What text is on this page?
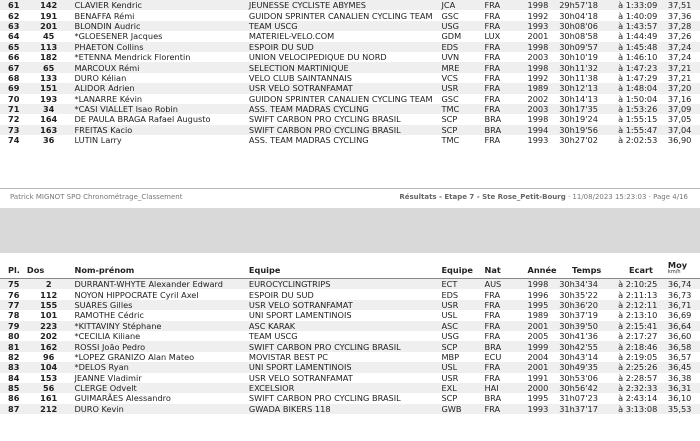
61	142	CLAVIER Kendric	JEUNESSE CYCLISTE ABYMES	JCA	FRA	1998	29h57'18	à 1:33:09	37,51
62	191	BENAFFA Rémi	GUIDON SPRINTER CANALIEN CYCLING TEAM	GSC	FRA	1992	30h04'18	à 1:40:09	37,36
63	201	BLONDIN Audric	TEAM USCG	USG	FRA	1993	30h08'06	à 1:43:57	37,28
64	45	*GLOESENER Jacques	MATERIEL-VELO.COM	GDM	LUX	2001	30h08'58	à 1:44:49	37,26
65	113	PHAETON Collins	ESPOIR DU SUD	EDS	FRA	1998	30h09'57	à 1:45:48	37,24
66	182	*ETENNA Mendrick Florentin	UNION VELOCIPEDIQUE DU NORD	UVN	FRA	2003	30h10'19	à 1:46:10	37,24
67	65	MARCOUX Rémi	SELECTION MARTINIQUE	MRE	FRA	1998	30h11'32	à 1:47:23	37,21
68	133	DURO Kélian	VELO CLUB SAINTANNAIS	VCS	FRA	1992	30h11'38	à 1:47:29	37,21
69	151	ALIDOR Adrien	USR VELO SOTRANFAMAT	USR	FRA	1989	30h12'13	à 1:48:04	37,20
70	193	*LANARRE Kévin	GUIDON SPRINTER CANALIEN CYCLING TEAM	GSC	FRA	2002	30h14'13	à 1:50:04	37,16
71	34	*CASI VIALLET Isao Robin	ASS. TEAM MADRAS CYCLING	TMC	FRA	2003	30h17'35	à 1:53:26	37,09
72	164	DE PAULA BRAGA Rafael Augusto	SWIFT CARBON PRO CYCLING BRASIL	SCP	BRA	1998	30h19'24	à 1:55:15	37,05
73	163	FREITAS Kacio	SWIFT CARBON PRO CYCLING BRASIL	SCP	BRA	1994	30h19'56	à 1:55:47	37,04
74	36	LUTIN Larry	ASS. TEAM MADRAS CYCLING	TMC	FRA	1993	30h27'02	à 2:02:53	36,90
Patrick MIGNOT SPO Chronométrage_Classement	Résultats - Etape 7 - Ste Rose_Petit-Bourg · 11/08/2023 15:23:03 · Page 4/16
Pl.	Dos	Nom-prénom	Equipe	Equipe	Nat	Année	Temps	Ecart	Moy
km/h

75	2	DURRANT-WHYTE Alexander Edward	EUROCYCLINGTRIPS	ECT	AUS	1998	30h34'34	à 2:10:25	36,74
76	112	NOYON HIPPOCRATE Cyril Axel	ESPOIR DU SUD	EDS	FRA	1996	30h35'22	à 2:11:13	36,73
77	155	SUARES Gilles	USR VELO SOTRANFAMAT	USR	FRA	1995	30h36'20	à 2:12:11	36,71
78	101	RAMOTHE Cédric	UNI SPORT LAMENTINOIS	USL	FRA	1989	30h37'19	à 2:13:10	36,69
79	223	*KITTAVINY Stéphane	ASC KARAK	ASC	FRA	2001	30h39'50	à 2:15:41	36,64
80	202	*CECILIA Kiliane	TEAM USCG	USG	FRA	2005	30h41'36	à 2:17:27	36,60
81	162	ROSSI João Pedro	SWIFT CARBON PRO CYCLING BRASIL	SCP	BRA	1999	30h42'55	à 2:18:46	36,58
82	96	*LOPEZ GRANIZO Alan Mateo	MOVISTAR BEST PC	MBP	ECU	2004	30h43'14	à 2:19:05	36,57
83	104	*DELOS Ryan	UNI SPORT LAMENTINOIS	USL	FRA	2001	30h49'35	à 2:25:26	36,45
84	153	JEANNE Vladimir	USR VELO SOTRANFAMAT	USR	FRA	1991	30h53'06	à 2:28:57	36,38
85	56	CLERGE Odvelt	EXCELSIOR	EXL	HAI	2000	30h56'42	à 2:32:33	36,31
86	161	GUIMARÃES Alessandro	SWIFT CARBON PRO CYCLING BRASIL	SCP	BRA	1995	31h07'23	à 2:43:14	36,10
87	212	DURO Kevin	GWADA BIKERS 118	GWB	FRA	1993	31h37'17	à 3:13:08	35,53
